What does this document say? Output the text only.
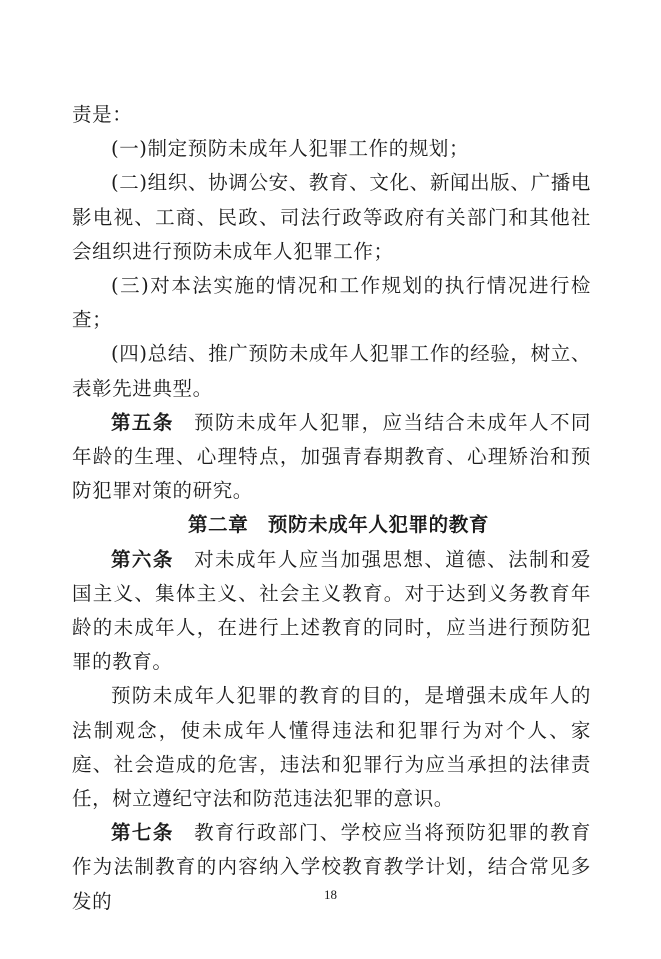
责是：

(一)制定预防未成年人犯罪工作的规划；

(二)组织、协调公安、教育、文化、新闻出版、广播电影电视、工商、民政、司法行政等政府有关部门和其他社会组织进行预防未成年人犯罪工作；

(三)对本法实施的情况和工作规划的执行情况进行检查；

(四)总结、推广预防未成年人犯罪工作的经验，树立、表彰先进典型。

第五条 预防未成年人犯罪，应当结合未成年人不同年龄的生理、心理特点，加强青春期教育、心理矫治和预防犯罪对策的研究。

第二章 预防未成年人犯罪的教育

第六条 对未成年人应当加强思想、道德、法制和爱国主义、集体主义、社会主义教育。对于达到义务教育年龄的未成年人，在进行上述教育的同时，应当进行预防犯罪的教育。

预防未成年人犯罪的教育的目的，是增强未成年人的法制观念，使未成年人懂得违法和犯罪行为对个人、家庭、社会造成的危害，违法和犯罪行为应当承担的法律责任，树立遵纪守法和防范违法犯罪的意识。

第七条 教育行政部门、学校应当将预防犯罪的教育作为法制教育的内容纳入学校教育教学计划，结合常见多发的	18
